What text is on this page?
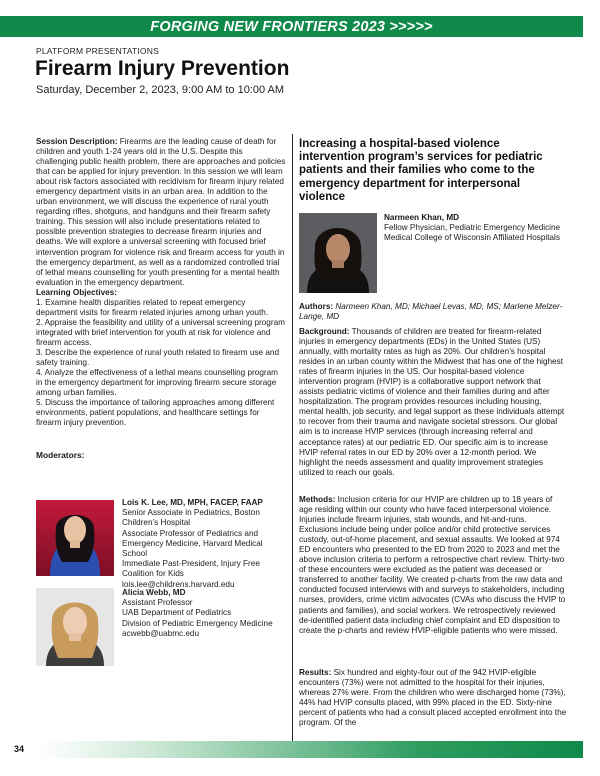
FORGING NEW FRONTIERS 2023 >>>>>
PLATFORM PRESENTATIONS
Firearm Injury Prevention
Saturday, December 2, 2023, 9:00 AM to 10:00 AM

Session Description: Firearms are the leading cause of death for children and youth 1-24 years old in the U.S. Despite this challenging public health problem, there are approaches and policies that can be applied for injury prevention. In this session we will learn about risk factors associated with recidivism for firearm injury related emergency department visits in an urban area. In addition to the urban environment, we will discuss the experience of rural youth regarding rifles, shotguns, and handguns and their firearm safety training. This session will also include presentations related to possible prevention strategies to decrease firearm injuries and deaths. We will explore a universal screening with focused brief intervention program for violence risk and firearm access for youth in the emergency department, as well as a randomized controlled trial of lethal means counselling for youth presenting for a mental health evaluation in the emergency department.

Learning Objectives:

1. Examine health disparities related to repeat emergency department visits for firearm related injuries among urban youth.

2. Appraise the feasibility and utility of a universal screening program integrated with brief intervention for youth at risk for violence and firearm access.

3. Describe the experience of rural youth related to firearm use and safety training.

4. Analyze the effectiveness of a lethal means counselling program in the emergency department for improving firearm secure storage among urban families.

5. Discuss the importance of tailoring approaches among different environments, patient populations, and healthcare settings for firearm injury prevention.

Moderators:
Lois K. Lee, MD, MPH, FACEP, FAAP
Senior Associate in Pediatrics, Boston Children’s Hospital
Associate Professor of Pediatrics and Emergency Medicine, Harvard Medical School
Immediate Past-President, Injury Free Coalition for Kids
lois.lee@childrens.harvard.edu
Alicia Webb, MD
Assistant Professor
UAB Department of Pediatrics
Division of Pediatric Emergency Medicine
acwebb@uabmc.edu
Increasing a hospital-based violence intervention program’s services for pediatric patients and their families who come to the emergency department for interpersonal violence
Narmeen Khan, MD
Fellow Physician, Pediatric Emergency Medicine
Medical College of Wisconsin Affiliated Hospitals
Authors: Narmeen Khan, MD; Michael Levas, MD, MS; Marlene Melzer-Lange, MD
Background: Thousands of children are treated for firearm-related injuries in emergency departments (EDs) in the United States (US) annually, with mortality rates as high as 20%. Our children’s hospital resides in an urban county within the Midwest that has one of the highest rates of firearm injuries in the US. Our hospital-based violence intervention program (HVIP) is a collaborative support network that assists pediatric victims of violence and their families during and after hospitalization. The program provides resources including housing, mental health, job security, and legal support as these individuals attempt to recover from their trauma and navigate societal stressors. Our global aim is to increase HVIP services (through increasing referral and acceptance rates) at our pediatric ED. Our specific aim is to increase HVIP referral rates in our ED by 20% over a 12-month period. We highlight the needs assessment and quality improvement strategies utilized to reach our goals.
Methods: Inclusion criteria for our HVIP are children up to 18 years of age residing within our county who have faced interpersonal violence. Injuries include firearm injuries, stab wounds, and hit-and-runs. Exclusions include being under police and/or child protective services custody, out-of-home placement, and sexual assaults. We looked at 974 ED encounters who presented to the ED from 2020 to 2023 and met the above inclusion criteria to perform a retrospective chart review. Thirty-two of these encounters were excluded as the patient was deceased or transferred to another facility. We created p-charts from the raw data and conducted focused interviews with and surveys to stakeholders, including nurses, providers, crime victim advocates (CVAs who discuss the HVIP to patients and families), and social workers. We retrospectively reviewed de-identified patient data including chief complaint and ED disposition to create the p-charts and review HVIP-eligible patients who were missed.
Results: Six hundred and eighty-four out of the 942 HVIP-eligible encounters (73%) were not admitted to the hospital for their injuries, whereas 27% were. From the children who were discharged home (73%), 44% had HVIP consults placed, with 99% placed in the ED. Sixty-nine percent of patients who had a consult placed accepted enrollment into the program. Of the
34
